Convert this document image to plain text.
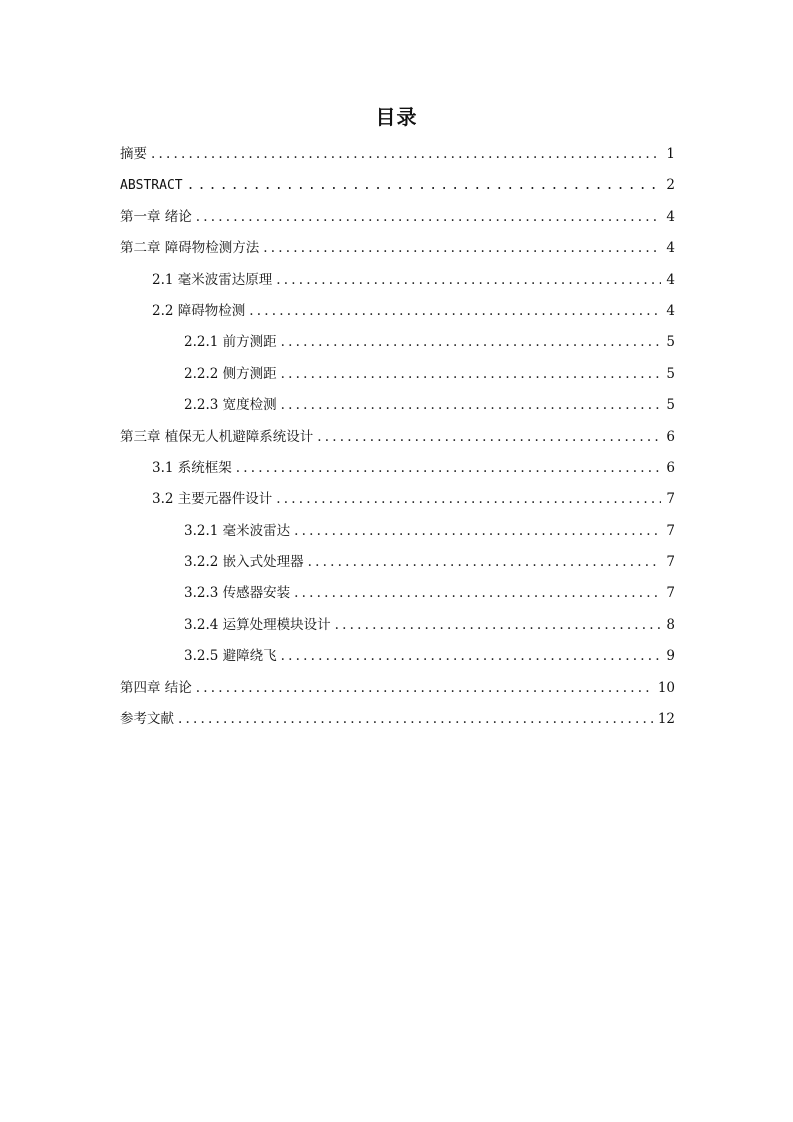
目录
摘要 .....	1
ABSTRACT .....	2
第一章 绪论 .....	4
第二章 障碍物检测方法 .....	4
2.1 毫米波雷达原理 .....	4
2.2 障碍物检测 .....	4
2.2.1 前方测距 .....	5
2.2.2 侧方测距 .....	5
2.2.3 宽度检测 .....	5
第三章 植保无人机避障系统设计 .....	6
3.1 系统框架 .....	6
3.2 主要元器件设计 .....	7
3.2.1 毫米波雷达 .....	7
3.2.2 嵌入式处理器 .....	7
3.2.3 传感器安装 .....	7
3.2.4 运算处理模块设计 .....	8
3.2.5 避障绕飞 .....	9
第四章 结论 .....	10
参考文献 .....	12
